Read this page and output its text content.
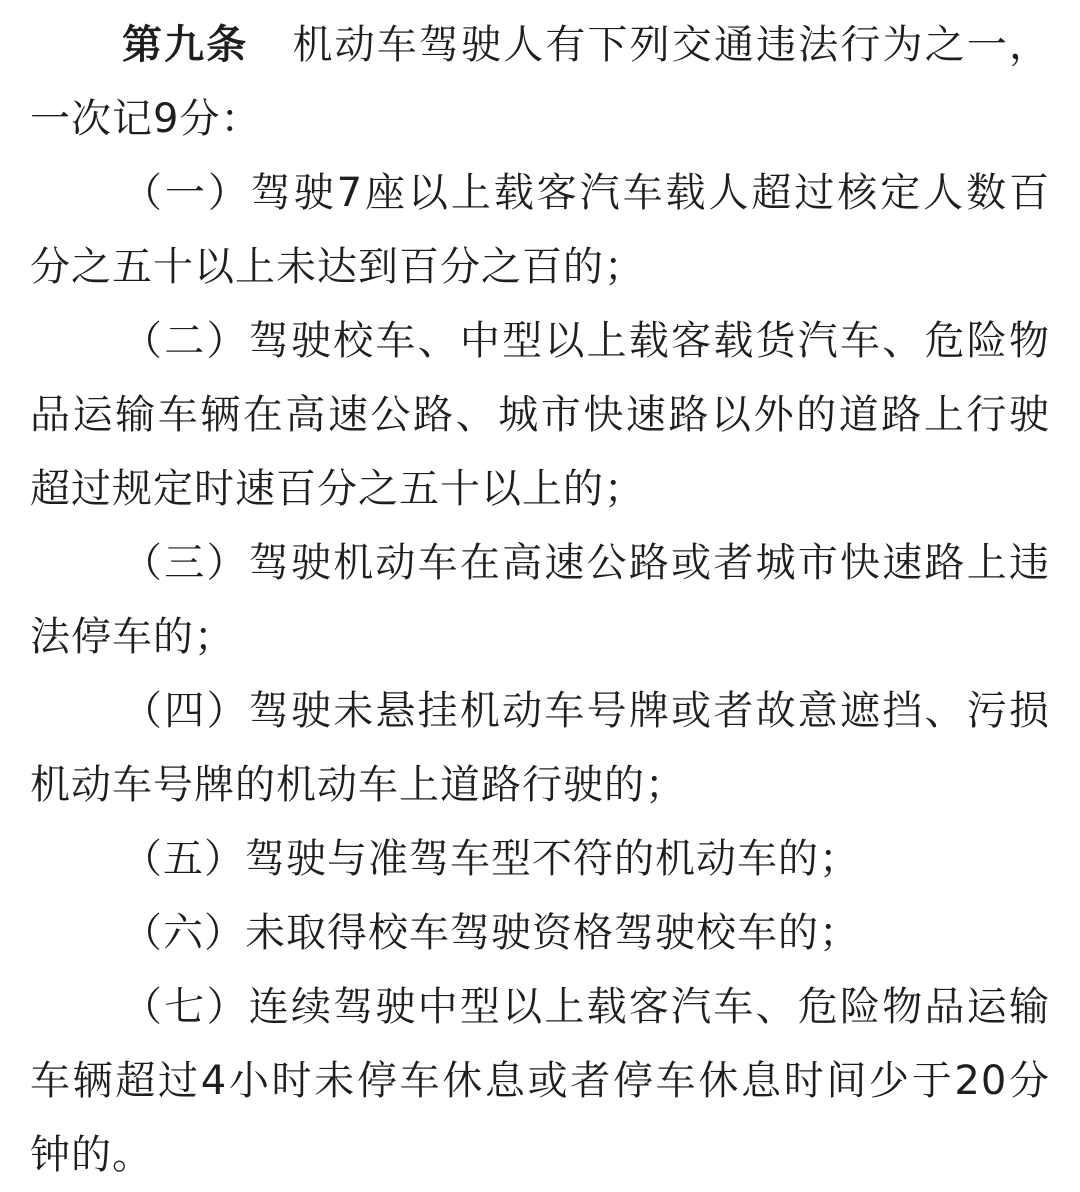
第九条 机动车驾驶人有下列交通违法行为之一，一次记9分：

（一）驾驶7座以上载客汽车载人超过核定人数百分之五十以上未达到百分之百的；

（二）驾驶校车、中型以上载客载货汽车、危险物品运输车辆在高速公路、城市快速路以外的道路上行驶超过规定时速百分之五十以上的；

（三）驾驶机动车在高速公路或者城市快速路上违法停车的；

（四）驾驶未悬挂机动车号牌或者故意遮挡、污损机动车号牌的机动车上道路行驶的；

（五）驾驶与准驾车型不符的机动车的；

（六）未取得校车驾驶资格驾驶校车的；

（七）连续驾驶中型以上载客汽车、危险物品运输车辆超过4小时未停车休息或者停车休息时间少于20分钟的。
